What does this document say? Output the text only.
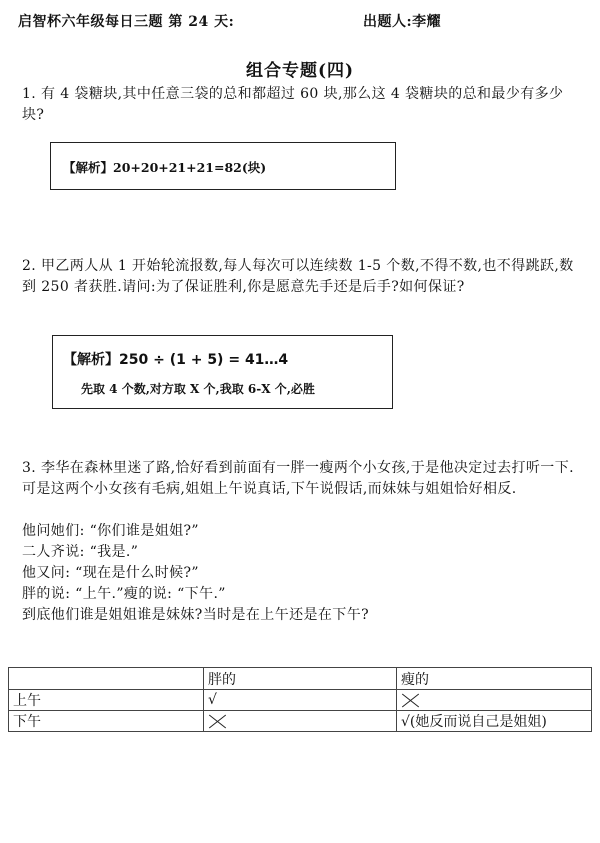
启智杯六年级每日三题 第 24 天:	出题人:李耀
组合专题(四)
1. 有 4 袋糖块,其中任意三袋的总和都超过 60 块,那么这 4 袋糖块的总和最少有多少块?
【解析】20+20+21+21=82(块)
2. 甲乙两人从 1 开始轮流报数,每人每次可以连续数 1-5 个数,不得不数,也不得跳跃,数到 250 者获胜.请问:为了保证胜利,你是愿意先手还是后手?如何保证?
【解析】250 ÷ (1 + 5) = 41…4
先取 4 个数,对方取 X 个,我取 6-X 个,必胜
3. 李华在森林里迷了路,恰好看到前面有一胖一瘦两个小女孩,于是他决定过去打听一下.可是这两个小女孩有毛病,姐姐上午说真话,下午说假话,而妹妹与姐姐恰好相反.
他问她们: “你们谁是姐姐?”
二人齐说: “我是.”
他又问: “现在是什么时候?”
胖的说: “上午.”瘦的说: “下午.”
到底他们谁是姐姐谁是妹妹?当时是在上午还是在下午?
	胖的	瘦的
上午	√	
下午		√(她反而说自己是姐姐)
